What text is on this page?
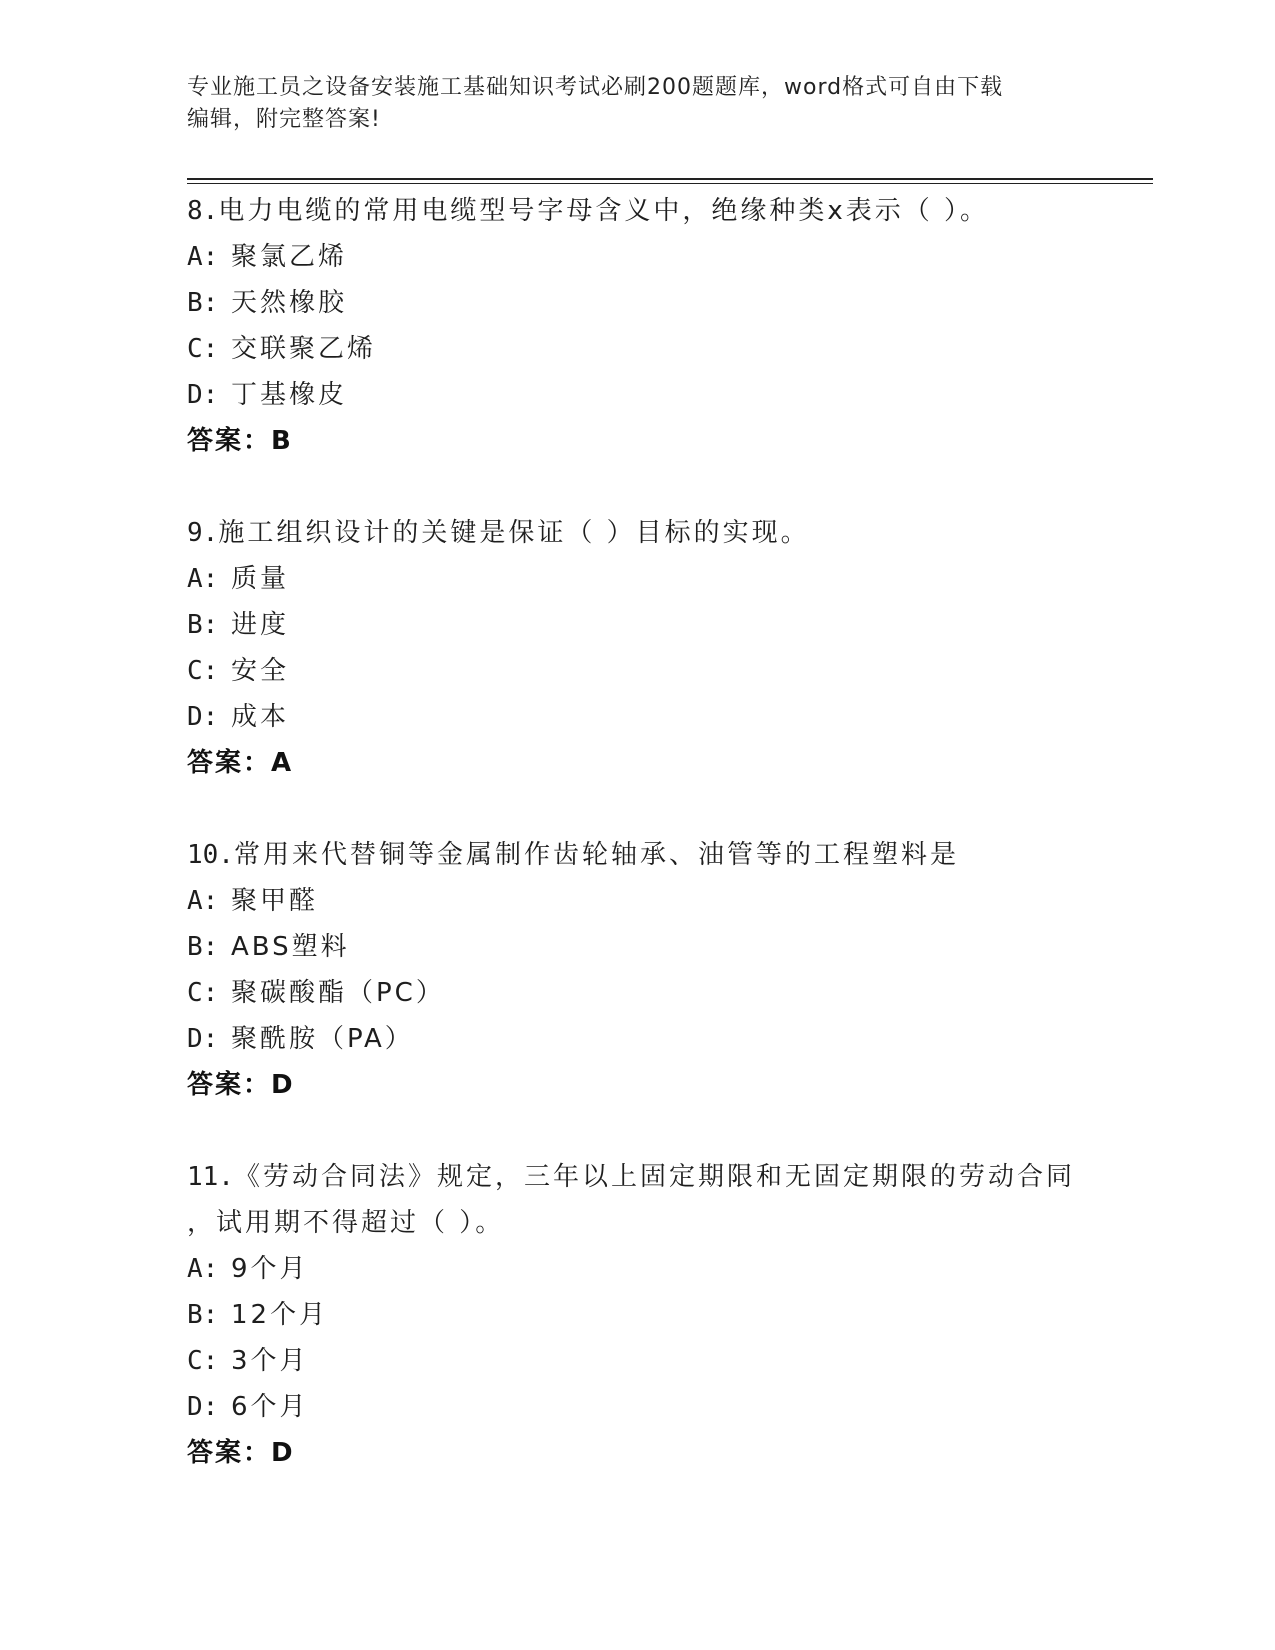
专业施工员之设备安装施工基础知识考试必刷200题题库，word格式可自由下载
编辑，附完整答案!
8.电力电缆的常用电缆型号字母含义中，绝缘种类x表示（ ）。
A: 聚氯乙烯
B: 天然橡胶
C: 交联聚乙烯
D: 丁基橡皮
答案：B
9.施工组织设计的关键是保证（ ）目标的实现。
A: 质量
B: 进度
C: 安全
D: 成本
答案：A
10.常用来代替铜等金属制作齿轮轴承、油管等的工程塑料是
A: 聚甲醛
B: ABS塑料
C: 聚碳酸酯（PC）
D: 聚酰胺（PA）
答案：D
11.《劳动合同法》规定，三年以上固定期限和无固定期限的劳动合同
，试用期不得超过（ ）。
A: 9个月
B: 12个月
C: 3个月
D: 6个月
答案：D
